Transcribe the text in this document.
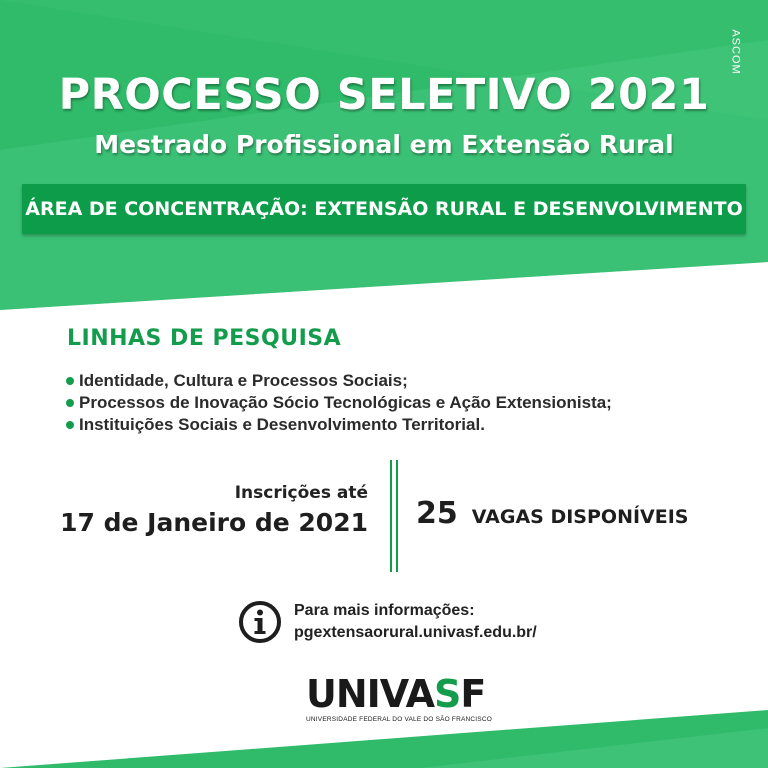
ASCOM
PROCESSO SELETIVO 2021
Mestrado Profissional em Extensão Rural
ÁREA DE CONCENTRAÇÃO: EXTENSÃO RURAL E DESENVOLVIMENTO
LINHAS DE PESQUISA
Identidade, Cultura e Processos Sociais;
Processos de Inovação Sócio Tecnológicas e Ação Extensionista;
Instituições Sociais e Desenvolvimento Territorial.
Inscrições até
17 de Janeiro de 2021 25 VAGAS DISPONÍVEIS
Para mais informações:
pgextensaorural.univasf.edu.br/
UNIVASF
UNIVERSIDADE FEDERAL DO VALE DO SÃO FRANCISCO
